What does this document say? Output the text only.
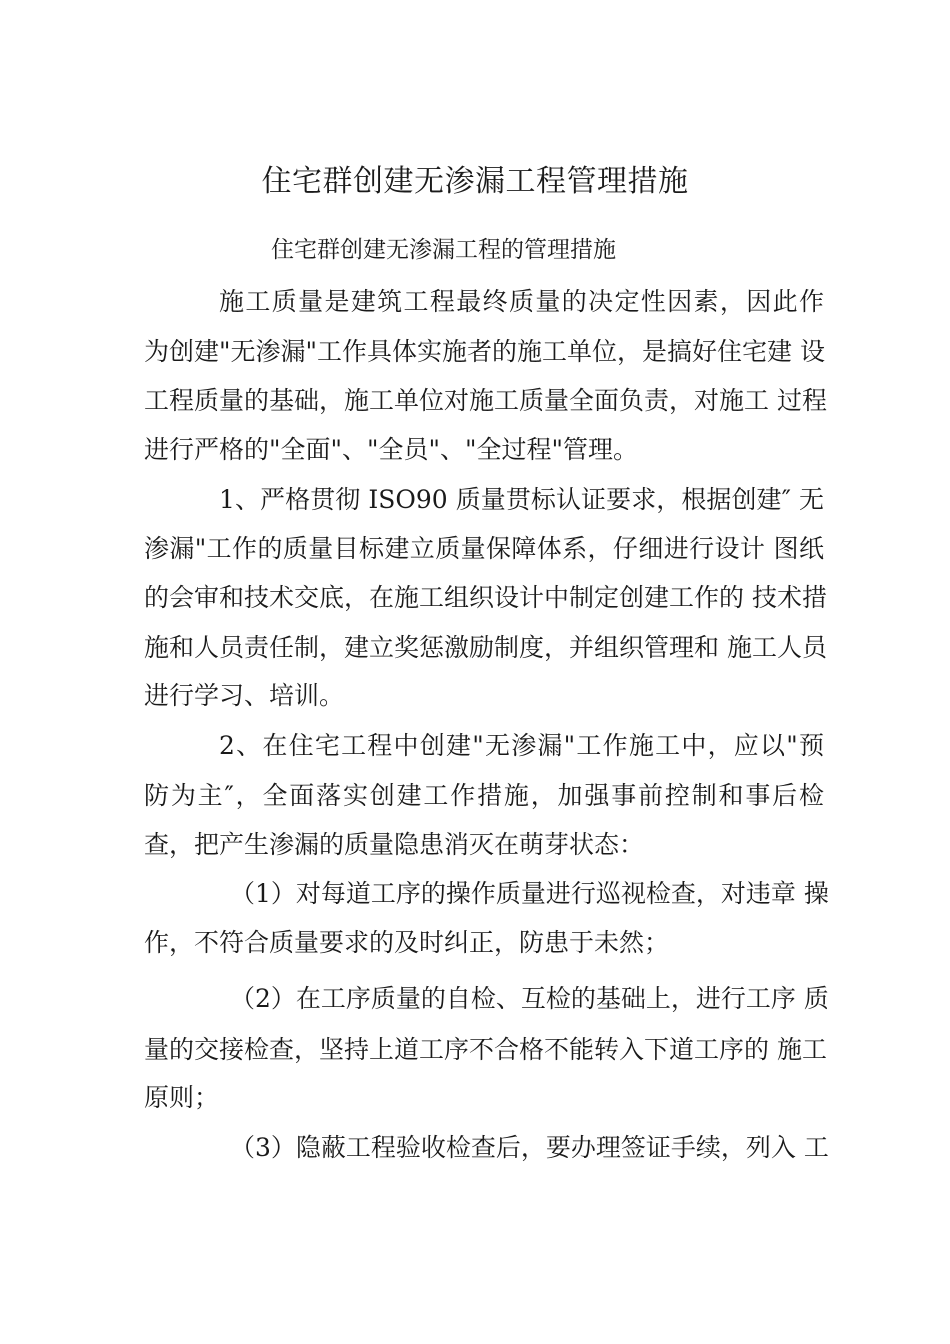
住宅群创建无渗漏工程管理措施
住宅群创建无渗漏工程的管理措施
施工质量是建筑工程最终质量的决定性因素，因此作
为创建"无渗漏"工作具体实施者的施工单位，是搞好住宅建 设
工程质量的基础，施工单位对施工质量全面负责，对施工 过程
进行严格的"全面"、"全员"、"全过程"管理。
1、严格贯彻 ISO90 质量贯标认证要求，根据创建″ 无
渗漏"工作的质量目标建立质量保障体系，仔细进行设计 图纸
的会审和技术交底，在施工组织设计中制定创建工作的 技术措
施和人员责任制，建立奖惩激励制度，并组织管理和 施工人员
进行学习、培训。
2、在住宅工程中创建"无渗漏"工作施工中，应以"预
防为主″，全面落实创建工作措施，加强事前控制和事后检
查，把产生渗漏的质量隐患消灭在萌芽状态：
（1）对每道工序的操作质量进行巡视检查，对违章 操
作，不符合质量要求的及时纠正，防患于未然；
（2）在工序质量的自检、互检的基础上，进行工序 质
量的交接检查，坚持上道工序不合格不能转入下道工序的 施工
原则；
（3）隐蔽工程验收检查后，要办理签证手续，列入 工
